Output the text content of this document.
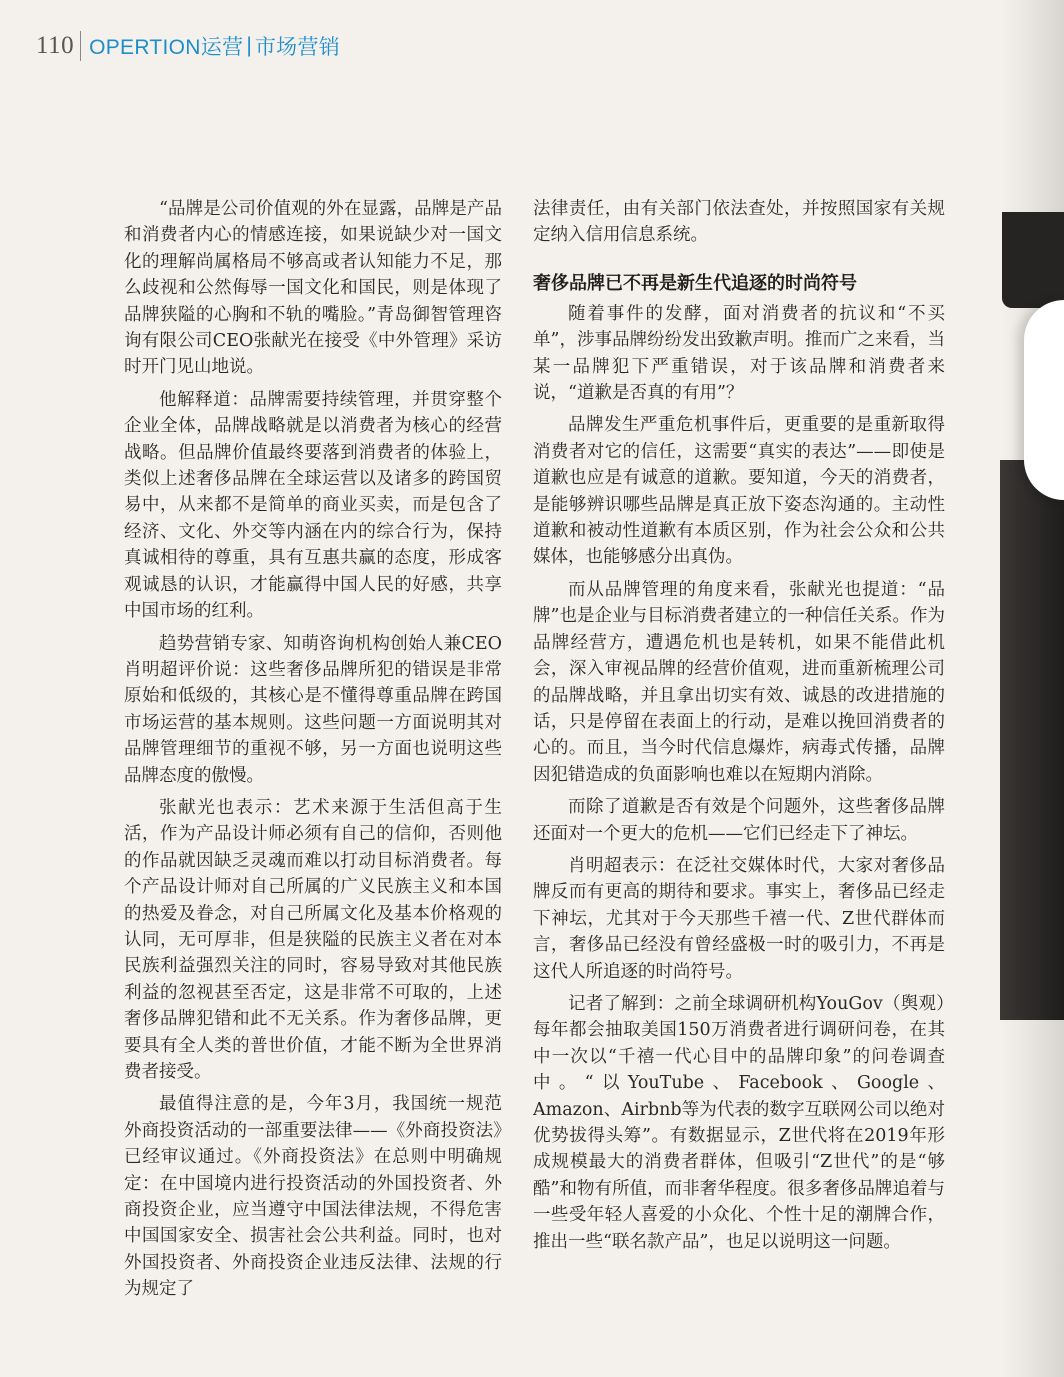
110 OPERTION运营 | 市场营销

“品牌是公司价值观的外在显露，品牌是产品和消费者内心的情感连接，如果说缺少对一国文化的理解尚属格局不够高或者认知能力不足，那么歧视和公然侮辱一国文化和国民，则是体现了品牌狭隘的心胸和不轨的嘴脸。”青岛御智管理咨询有限公司CEO张献光在接受《中外管理》采访时开门见山地说。

他解释道：品牌需要持续管理，并贯穿整个企业全体，品牌战略就是以消费者为核心的经营战略。但品牌价值最终要落到消费者的体验上，类似上述奢侈品牌在全球运营以及诸多的跨国贸易中，从来都不是简单的商业买卖，而是包含了经济、文化、外交等内涵在内的综合行为，保持真诚相待的尊重，具有互惠共赢的态度，形成客观诚恳的认识，才能赢得中国人民的好感，共享中国市场的红利。

趋势营销专家、知萌咨询机构创始人兼CEO肖明超评价说：这些奢侈品牌所犯的错误是非常原始和低级的，其核心是不懂得尊重品牌在跨国市场运营的基本规则。这些问题一方面说明其对品牌管理细节的重视不够，另一方面也说明这些品牌态度的傲慢。

张献光也表示：艺术来源于生活但高于生活，作为产品设计师必须有自己的信仰，否则他的作品就因缺乏灵魂而难以打动目标消费者。每个产品设计师对自己所属的广义民族主义和本国的热爱及眷念，对自己所属文化及基本价格观的认同，无可厚非，但是狭隘的民族主义者在对本民族利益强烈关注的同时，容易导致对其他民族利益的忽视甚至否定，这是非常不可取的，上述奢侈品牌犯错和此不无关系。作为奢侈品牌，更要具有全人类的普世价值，才能不断为全世界消费者接受。

最值得注意的是，今年3月，我国统一规范外商投资活动的一部重要法律——《外商投资法》已经审议通过。《外商投资法》在总则中明确规定：在中国境内进行投资活动的外国投资者、外商投资企业，应当遵守中国法律法规，不得危害中国国家安全、损害社会公共利益。同时，也对外国投资者、外商投资企业违反法律、法规的行为规定了

法律责任，由有关部门依法查处，并按照国家有关规定纳入信用信息系统。

奢侈品牌已不再是新生代追逐的时尚符号

随着事件的发酵，面对消费者的抗议和“不买单”，涉事品牌纷纷发出致歉声明。推而广之来看，当某一品牌犯下严重错误，对于该品牌和消费者来说，“道歉是否真的有用”？

品牌发生严重危机事件后，更重要的是重新取得消费者对它的信任，这需要“真实的表达”——即使是道歉也应是有诚意的道歉。要知道，今天的消费者，是能够辨识哪些品牌是真正放下姿态沟通的。主动性道歉和被动性道歉有本质区别，作为社会公众和公共媒体，也能够感分出真伪。

而从品牌管理的角度来看，张献光也提道：“品牌”也是企业与目标消费者建立的一种信任关系。作为品牌经营方，遭遇危机也是转机，如果不能借此机会，深入审视品牌的经营价值观，进而重新梳理公司的品牌战略，并且拿出切实有效、诚恳的改进措施的话，只是停留在表面上的行动，是难以挽回消费者的心的。而且，当今时代信息爆炸，病毒式传播，品牌因犯错造成的负面影响也难以在短期内消除。

而除了道歉是否有效是个问题外，这些奢侈品牌还面对一个更大的危机——它们已经走下了神坛。

肖明超表示：在泛社交媒体时代，大家对奢侈品牌反而有更高的期待和要求。事实上，奢侈品已经走下神坛，尤其对于今天那些千禧一代、Z世代群体而言，奢侈品已经没有曾经盛极一时的吸引力，不再是这代人所追逐的时尚符号。

记者了解到：之前全球调研机构YouGov（舆观）每年都会抽取美国150万消费者进行调研问卷，在其中一次以“千禧一代心目中的品牌印象”的问卷调查中。“以YouTube、Facebook、Google、Amazon、Airbnb等为代表的数字互联网公司以绝对优势拔得头筹”。有数据显示，Z世代将在2019年形成规模最大的消费者群体，但吸引“Z世代”的是“够酷”和物有所值，而非奢华程度。很多奢侈品牌追着与一些受年轻人喜爱的小众化、个性十足的潮牌合作，推出一些“联名款产品”，也足以说明这一问题。
